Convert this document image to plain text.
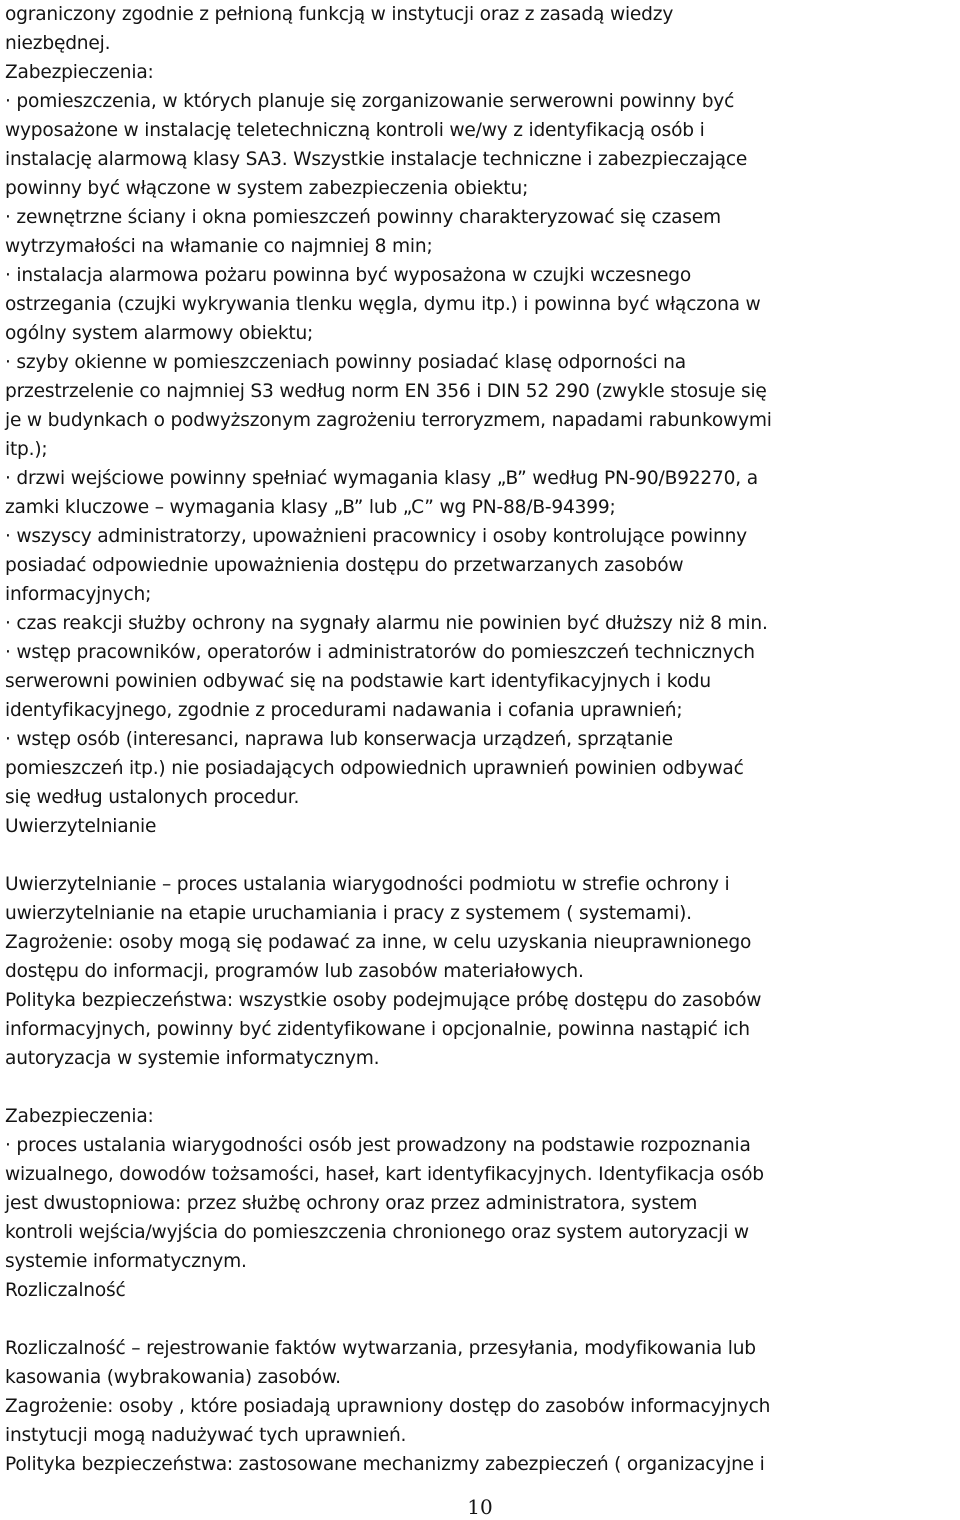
ograniczony zgodnie z pełnioną funkcją w instytucji oraz z zasadą wiedzy
niezbędnej.
Zabezpieczenia:
· pomieszczenia, w których planuje się zorganizowanie serwerowni powinny być
wyposażone w instalację teletechniczną kontroli we/wy z identyfikacją osób i
instalację alarmową klasy SA3. Wszystkie instalacje techniczne i zabezpieczające
powinny być włączone w system zabezpieczenia obiektu;
· zewnętrzne ściany i okna pomieszczeń powinny charakteryzować się czasem
wytrzymałości na włamanie co najmniej 8 min;
· instalacja alarmowa pożaru powinna być wyposażona w czujki wczesnego
ostrzegania (czujki wykrywania tlenku węgla, dymu itp.) i powinna być włączona w
ogólny system alarmowy obiektu;
· szyby okienne w pomieszczeniach powinny posiadać klasę odporności na
przestrzelenie co najmniej S3 według norm EN 356 i DIN 52 290 (zwykle stosuje się
je w budynkach o podwyższonym zagrożeniu terroryzmem, napadami rabunkowymi
itp.);
· drzwi wejściowe powinny spełniać wymagania klasy „B” według PN-90/B92270, a
zamki kluczowe – wymagania klasy „B” lub „C” wg PN-88/B-94399;
· wszyscy administratorzy, upoważnieni pracownicy i osoby kontrolujące powinny
posiadać odpowiednie upoważnienia dostępu do przetwarzanych zasobów
informacyjnych;
· czas reakcji służby ochrony na sygnały alarmu nie powinien być dłuższy niż 8 min.
· wstęp pracowników, operatorów i administratorów do pomieszczeń technicznych
serwerowni powinien odbywać się na podstawie kart identyfikacyjnych i kodu
identyfikacyjnego, zgodnie z procedurami nadawania i cofania uprawnień;
· wstęp osób (interesanci, naprawa lub konserwacja urządzeń, sprzątanie
pomieszczeń itp.) nie posiadających odpowiednich uprawnień powinien odbywać
się według ustalonych procedur.
Uwierzytelnianie
Uwierzytelnianie – proces ustalania wiarygodności podmiotu w strefie ochrony i
uwierzytelnianie na etapie uruchamiania i pracy z systemem ( systemami).
Zagrożenie: osoby mogą się podawać za inne, w celu uzyskania nieuprawnionego
dostępu do informacji, programów lub zasobów materiałowych.
Polityka bezpieczeństwa: wszystkie osoby podejmujące próbę dostępu do zasobów
informacyjnych, powinny być zidentyfikowane i opcjonalnie, powinna nastąpić ich
autoryzacja w systemie informatycznym.
Zabezpieczenia:
· proces ustalania wiarygodności osób jest prowadzony na podstawie rozpoznania
wizualnego, dowodów tożsamości, haseł, kart identyfikacyjnych. Identyfikacja osób
jest dwustopniowa: przez służbę ochrony oraz przez administratora, system
kontroli wejścia/wyjścia do pomieszczenia chronionego oraz system autoryzacji w
systemie informatycznym.
Rozliczalność
Rozliczalność – rejestrowanie faktów wytwarzania, przesyłania, modyfikowania lub
kasowania (wybrakowania) zasobów.
Zagrożenie: osoby , które posiadają uprawniony dostęp do zasobów informacyjnych
instytucji mogą nadużywać tych uprawnień.
Polityka bezpieczeństwa: zastosowane mechanizmy zabezpieczeń ( organizacyjne i
10
